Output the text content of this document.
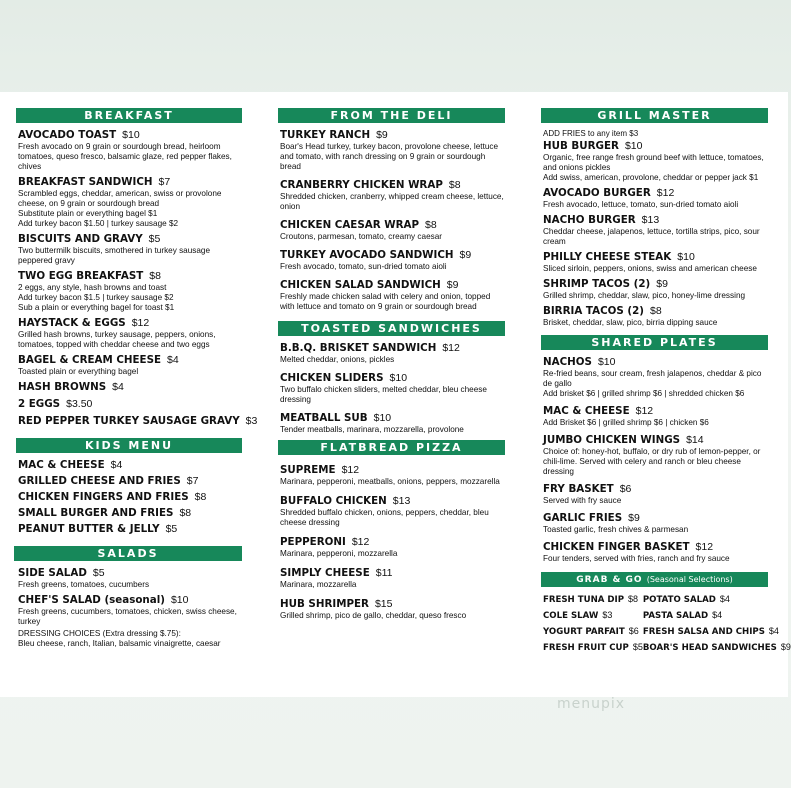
BREAKFAST
AVOCADO TOAST $10
Fresh avocado on 9 grain or sourdough bread, heirloom tomatoes, queso fresco, balsamic glaze, red pepper flakes, chives
BREAKFAST SANDWICH $7
Scrambled eggs, cheddar, american, swiss or provolone cheese, on 9 grain or sourdough bread
Substitute plain or everything bagel $1
Add turkey bacon $1.50 | turkey sausage $2
BISCUITS AND GRAVY $5
Two buttermilk biscuits, smothered in turkey sausage peppered gravy
TWO EGG BREAKFAST $8
2 eggs, any style, hash browns and toast
Add turkey bacon $1.5 | turkey sausage $2
Sub a plain or everything bagel for toast $1
HAYSTACK & EGGS $12
Grilled hash browns, turkey sausage, peppers, onions, tomatoes, topped with cheddar cheese and two eggs
BAGEL & CREAM CHEESE $4
Toasted plain or everything bagel
HASH BROWNS $4
2 EGGS $3.50
RED PEPPER TURKEY SAUSAGE GRAVY $3
KIDS MENU
MAC & CHEESE $4
GRILLED CHEESE AND FRIES $7
CHICKEN FINGERS AND FRIES $8
SMALL BURGER AND FRIES $8
PEANUT BUTTER & JELLY $5
SALADS
SIDE SALAD $5
Fresh greens, tomatoes, cucumbers
CHEF'S SALAD (seasonal) $10
Fresh greens, cucumbers, tomatoes, chicken, swiss cheese, turkey
DRESSING CHOICES (Extra dressing $.75):
Bleu cheese, ranch, Italian, balsamic vinaigrette, caesar
FROM THE DELI
TURKEY RANCH $9
Boar's Head turkey, turkey bacon, provolone cheese, lettuce and tomato, with ranch dressing on 9 grain or sourdough bread
CRANBERRY CHICKEN WRAP $8
Shredded chicken, cranberry, whipped cream cheese, lettuce, onion
CHICKEN CAESAR WRAP $8
Croutons, parmesan, tomato, creamy caesar
TURKEY AVOCADO SANDWICH $9
Fresh avocado, tomato, sun-dried tomato aioli
CHICKEN SALAD SANDWICH $9
Freshly made chicken salad with celery and onion, topped with lettuce and tomato on 9 grain or sourdough bread
TOASTED SANDWICHES
B.B.Q. BRISKET SANDWICH $12
Melted cheddar, onions, pickles
CHICKEN SLIDERS $10
Two buffalo chicken sliders, melted cheddar, bleu cheese dressing
MEATBALL SUB $10
Tender meatballs, marinara, mozzarella, provolone
FLATBREAD PIZZA
SUPREME $12
Marinara, pepperoni, meatballs, onions, peppers, mozzarella
BUFFALO CHICKEN $13
Shredded buffalo chicken, onions, peppers, cheddar, bleu cheese dressing
PEPPERONI $12
Marinara, pepperoni, mozzarella
SIMPLY CHEESE $11
Marinara, mozzarella
HUB SHRIMPER $15
Grilled shrimp, pico de gallo, cheddar, queso fresco
GRILL MASTER
ADD FRIES to any item $3
HUB BURGER $10
Organic, free range fresh ground beef with lettuce, tomatoes, and onions pickles
Add swiss, american, provolone, cheddar or pepper jack $1
AVOCADO BURGER $12
Fresh avocado, lettuce, tomato, sun-dried tomato aioli
NACHO BURGER $13
Cheddar cheese, jalapenos, lettuce, tortilla strips, pico, sour cream
PHILLY CHEESE STEAK $10
Sliced sirloin, peppers, onions, swiss and american cheese
SHRIMP TACOS (2) $9
Grilled shrimp, cheddar, slaw, pico, honey-lime dressing
BIRRIA TACOS (2) $8
Brisket, cheddar, slaw, pico, birria dipping sauce
SHARED PLATES
NACHOS $10
Re-fried beans, sour cream, fresh jalapenos, cheddar & pico de gallo
Add brisket $6 | grilled shrimp $6 | shredded chicken $6
MAC & CHEESE $12
Add Brisket $6 | grilled shrimp $6 | chicken $6
JUMBO CHICKEN WINGS $14
Choice of: honey-hot, buffalo, or dry rub of lemon-pepper, or chili-lime. Served with celery and ranch or bleu cheese dressing
FRY BASKET $6
Served with fry sauce
GARLIC FRIES $9
Toasted garlic, fresh chives & parmesan
CHICKEN FINGER BASKET $12
Four tenders, served with fries, ranch and fry sauce
GRAB & GO (Seasonal Selections)
FRESH TUNA DIP $8 POTATO SALAD $4
COLE SLAW $3	PASTA SALAD $4
YOGURT PARFAIT $6 FRESH SALSA AND CHIPS $4
FRESH FRUIT CUP $5 BOAR'S HEAD SANDWICHES $9
menupix
